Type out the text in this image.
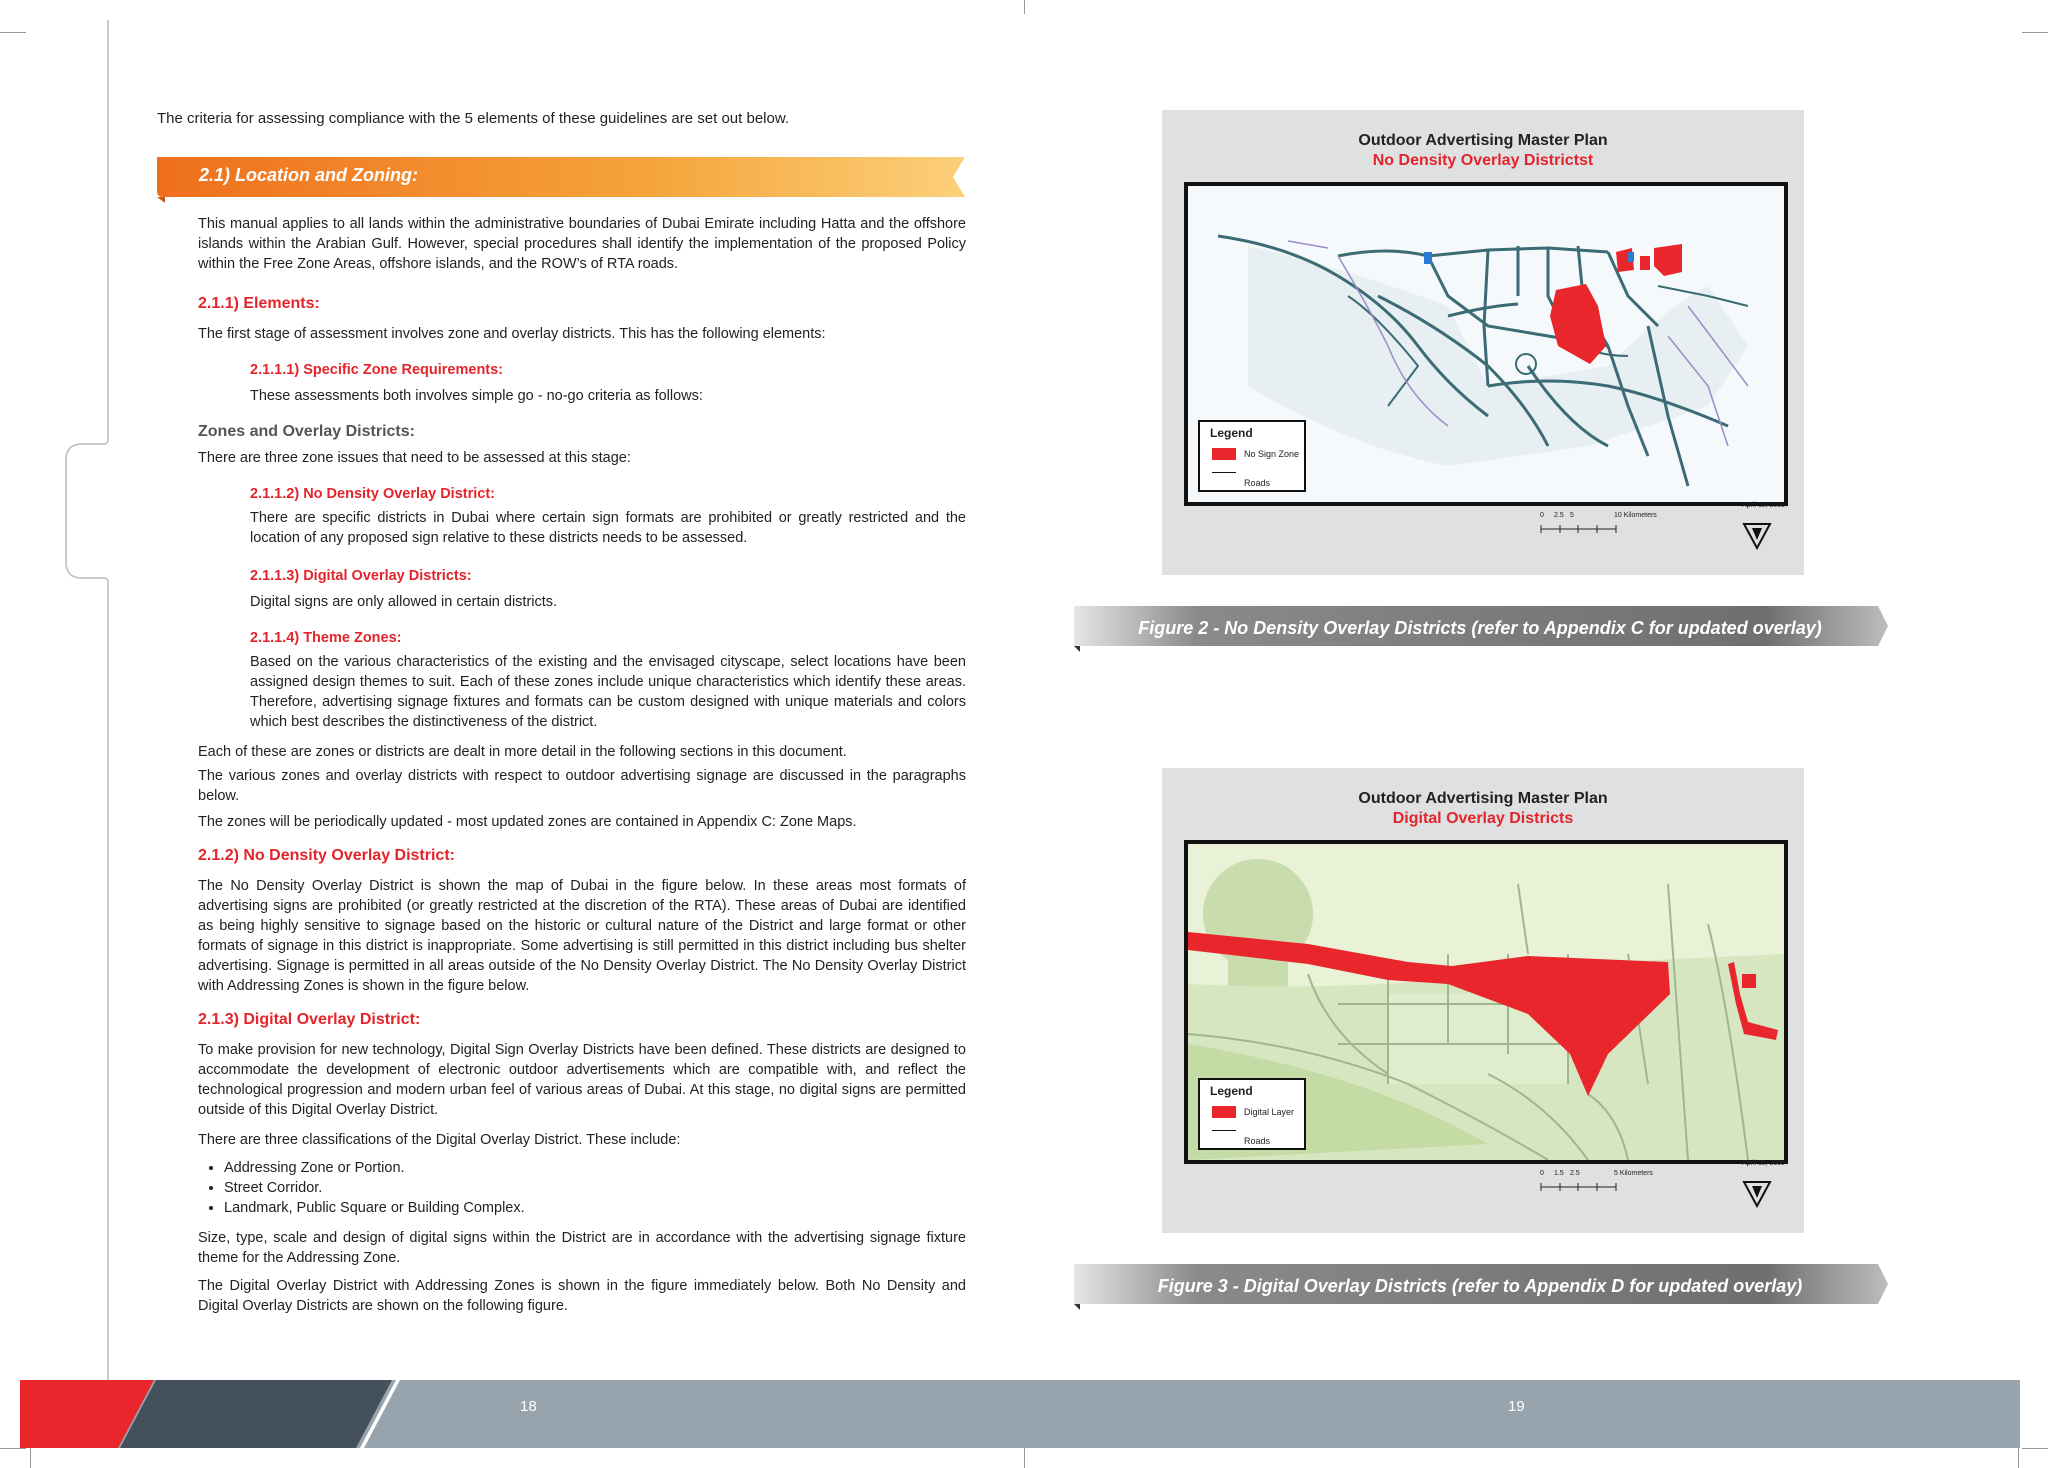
The criteria for assessing compliance with the 5 elements of these guidelines are set out below.
2.1) Location and Zoning:

This manual applies to all lands within the administrative boundaries of Dubai Emirate including Hatta and the offshore islands within the Arabian Gulf. However, special procedures shall identify the implementation of the proposed Policy within the Free Zone Areas, offshore islands, and the ROW’s of RTA roads.

2.1.1) Elements:
The first stage of assessment involves zone and overlay districts. This has the following elements:
2.1.1.1) Specific Zone Requirements:
These assessments both involves simple go - no-go criteria as follows:
Zones and Overlay Districts:
There are three zone issues that need to be assessed at this stage:
2.1.1.2) No Density Overlay District:

There are specific districts in Dubai where certain sign formats are prohibited or greatly restricted and the location of any proposed sign relative to these districts needs to be assessed.

2.1.1.3) Digital Overlay Districts:
Digital signs are only allowed in certain districts.
2.1.1.4) Theme Zones:

Based on the various characteristics of the existing and the envisaged cityscape, select locations have been assigned design themes to suit. Each of these zones include unique characteristics which identify these areas. Therefore, advertising signage fixtures and formats can be custom designed with unique materials and colors which best describes the distinctiveness of the district.

Each of these are zones or districts are dealt in more detail in the following sections in this document.

The various zones and overlay districts with respect to outdoor advertising signage are discussed in the paragraphs below.

The zones will be periodically updated - most updated zones are contained in Appendix C: Zone Maps.
2.1.2) No Density Overlay District:

The No Density Overlay District is shown the map of Dubai in the figure below. In these areas most formats of advertising signs are prohibited (or greatly restricted at the discretion of the RTA). These areas of Dubai are identified as being highly sensitive to signage based on the historic or cultural nature of the District and large format or other formats of signage in this district is inappropriate. Some advertising is still permitted in this district including bus shelter advertising. Signage is permitted in all areas outside of the No Density Overlay District. The No Density Overlay District with Addressing Zones is shown in the figure below.

2.1.3) Digital Overlay District:

To make provision for new technology, Digital Sign Overlay Districts have been defined. These districts are designed to accommodate the development of electronic outdoor advertisements which are compatible with, and reflect the technological progression and modern urban feel of various areas of Dubai. At this stage, no digital signs are permitted outside of this Digital Overlay District.

There are three classifications of the Digital Overlay District. These include:
• Addressing Zone or Portion.
• Street Corridor.
• Landmark, Public Square or Building Complex.

Size, type, scale and design of digital signs within the District are in accordance with the advertising signage fixture theme for the Addressing Zone.

The Digital Overlay District with Addressing Zones is shown in the figure immediately below. Both No Density and Digital Overlay Districts are shown on the following figure.

Outdoor Advertising Master Plan
No Density Overlay Districtst
Legend
No Sign Zone
Roads
April 15, 2009
0 2.5 5	10 Kilometers
Figure 2 - No Density Overlay Districts (refer to Appendix C for updated overlay)
Outdoor Advertising Master Plan
Digital Overlay Districts
Legend
Digital Layer
Roads
April 15, 2009
0 1.5 2.5	5 Kilometers
Figure 3 - Digital Overlay Districts (refer to Appendix D for updated overlay)
18	19
